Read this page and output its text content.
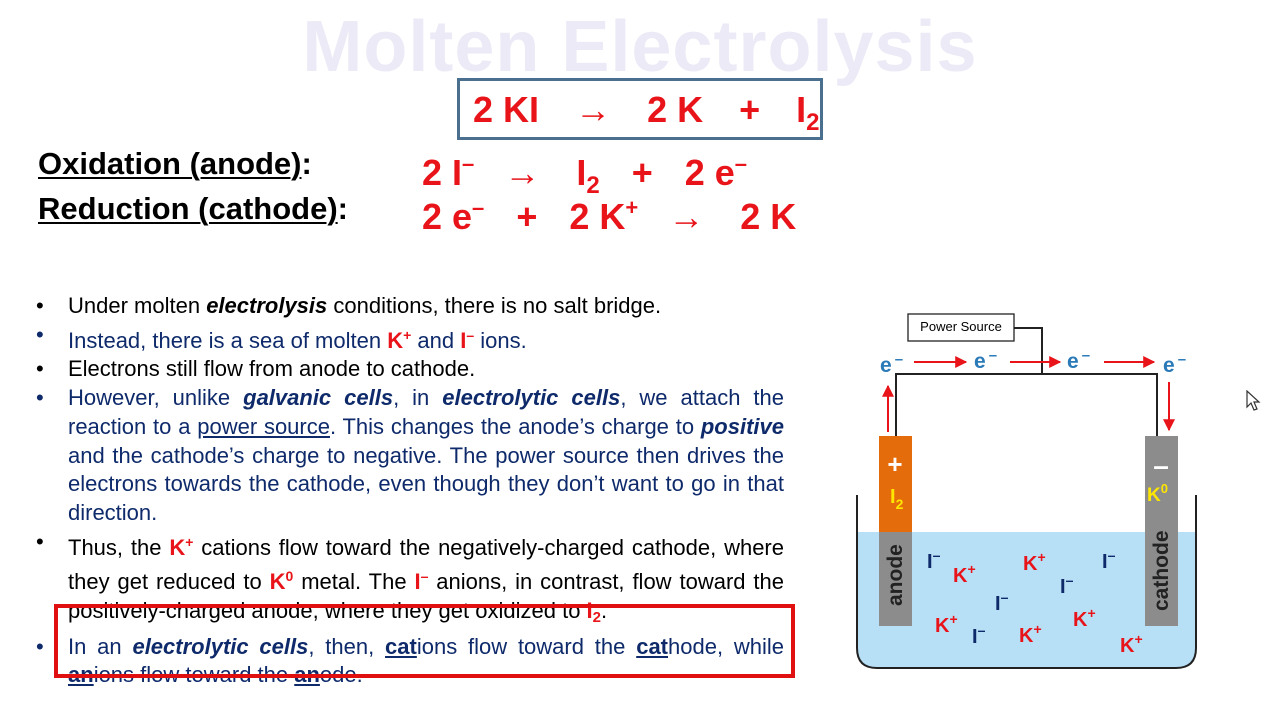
Molten Electrolysis
2 KI → 2 $K + I_2$
Oxidation (anode):	2 $I^- \to I_2 + 2$ e–
Reduction (cathode): 2 e– + 2 K+ → 2 K
• Under molten electrolysis conditions, there is no salt bridge.
• Instead, there is a sea of molten K+ and I– ions.
• Electrons still flow from anode to cathode.
• However, unlike galvanic cells, in electrolytic cells, we attach the reaction to a power source. This changes the anode’s charge to positive and the cathode’s charge to negative. The power source then drives the electrons towards the cathode, even though they don’t want to go in that direction.
• Thus, the K+ cations flow toward the negatively-charged cathode, where they get reduced to $K^0$ metal. The I– anions, in contrast, flow toward the positively-charged anode, where they get oxidized to $I_2$.
• In an electrolytic cells, then, cations flow toward the cathode, while anions flow toward the anode.
Power Source
e –	e –	e –	e –
+
$I_2$
anode
–
$K^0$
cathode
K+ K+
K+
K+ K+
K+
I–	I–
I–
I–
I–
